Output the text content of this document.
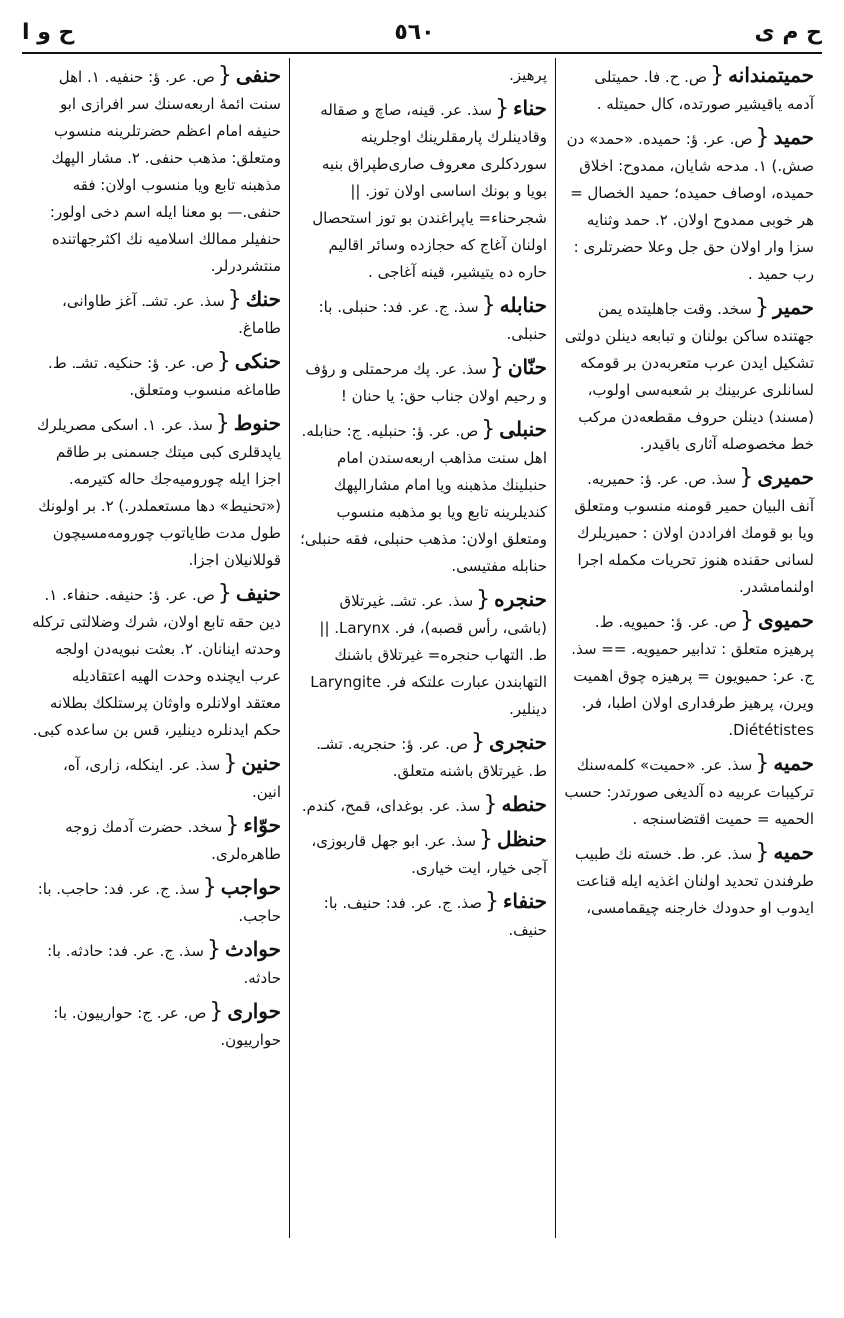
ح م ی
٥٦٠
ح و ا

حميتمندانه{ص. ح. فا. حميتلی آدمه یاقیشیر صورتده، کال حميتله .

حميد{ص. عر. ؤ: حميده. «حمد» دن صش.) ۱. مدحه شايان، ممدوح: اخلاق حميده، اوصاف حميده؛ حميد الخصال = هر خوبی ممدوح اولان. ۲. حمد وثنايه سزا وار اولان حق جل وعلا حضرتلری : رب حميد .

حمير{سخد. وقت جاهليتده يمن جهتنده ساكن بولنان و تبابعه دينلن دولتی تشكيل ايدن عرب متعربه‌دن بر قومكه لسانلری عربينك بر شعبه‌سی اولوب، (مسند) دينلن حروف مقطعه‌دن مركب خط مخصوصله آثاری باقيدر.

حميری{سذ. ص. عر. ؤ: حميريه. آنف البيان حمير قومنه منسوب ومتعلق ويا بو قومك افراددن اولان : حميريلرك لسانی حقنده هنوز تحريات مكمله اجرا اولنمامشدر.

حميوی{ص. عر. ؤ: حميويه. ط. پرهيزه متعلق : تدابير حميويه. == سذ. ج. عر: حميويون = پرهيزه چوق اهميت ويرن، پرهيز طرفداری اولان اطبا، فر. Diététistes.

حميه{سذ. عر. «حميت» كلمه‌سنك تركيبات عربيه ده آلديغی صورتدر: حسب الحميه = حميت اقتضاسنجه .

حميه{سذ. عر. ط. خسته نك طبيب طرفندن تحديد اولنان اغذيه ايله قناعت ايدوب او حدودك خارجنه چيقمامسی،

پرهيز.

حناء{سذ. عر. قينه، صاچ و صقاله وقادينلرك پارمقلرينك اوجلرينه سوردكلری معروف صاری‌طپراق بنيه بويا و بونك اساسی اولان توز. || شجرحناء= ياپراغندن بو توز استحصال اولنان آغاج كه حجازده وسائر اقاليم حاره ده يتيشير، قينه آغاجی .

حنابله{سذ. ج. عر. فد: حنبلی. با: حنبلی.

حنّان{سذ. عر. پك مرحمتلی و رؤف و رحيم اولان جناب حق: يا حنان !

حنبلی{ص. عر. ؤ: حنبليه. ج: حنابله. اهل سنت مذاهب اربعه‌سندن امام حنبلينك مذهبنه ويا امام مشارالپهك كنديلرينه تابع ويا بو مذهبه منسوب ومتعلق اولان: مذهب حنبلی، فقه حنبلی؛ حنابله مفتيسی.

حنجره{سذ. عر. تشـ. غيرتلاق (باشی، رأس قصبه)، فر. Larynx. || ط. التهاب حنجره= غيرتلاق باشنك التهابندن عبارت علتكه فر. Laryngite دينلير.

حنجری{ص. عر. ؤ: حنجريه. تشـ. ط. غيرتلاق باشنه متعلق.

حنطه{سذ. عر. بوغدای، قمح، كندم.

حنظل{سذ. عر. ابو جهل قاربوزی، آجی خيار، ايت خياری.

حنفاء{صذ. ج. عر. فد: حنيف. با: حنيف.

حنفی{ص. عر. ؤ: حنفيه. ۱. اهل سنت ائمهٔ اربعه‌سنك سر افرازی ابو حنيفه امام اعظم حضرتلرينه منسوب ومتعلق: مذهب حنفی. ۲. مشار الپهك مذهبنه تابع ويا منسوب اولان: فقه حنفی.— بو معنا ايله اسم دخی اولور: حنفيلر ممالك اسلاميه نك اكثرجهاتنده منتشردرلر.

حنك{سذ. عر. تشـ. آغز طاوانی، طاماغ.

حنكی{ص. عر. ؤ: حنكيه. تشـ. ط. طاماغه منسوب ومتعلق.

حنوط{سذ. عر. ۱. اسكی مصريلرك ياپدقلری كبی ميتك جسمنی بر طاقم اجزا ايله چوروميه‌جك حاله كتيرمه. («تحنيط» دها مستعملدر.) ۲. بر اولونك طول مدت طاياتوب چورومه‌مسيچون قوللانيلان اجزا.

حنيف{ص. عر. ؤ: حنيفه. حنفاء. ۱. دين حقه تابع اولان، شرك وضلالتی تركله وحدته اينانان. ۲. بعثت نبويه‌دن اولجه عرب ايچنده وحدت الهيه اعتقاديله معتقد اولانلره واوثان پرستلكك بطلانه حكم ايدنلره دينلير، قس بن ساعده كبی.

حنين{سذ. عر. اينكله، زاری، آه، انين.

حوّاء{سخد. حضرت آدمك زوجه طاهره‌لری.

حواجب{سذ. ج. عر. فد: حاجب. با: حاجب.

حوادث{سذ. ج. عر. فد: حادثه. با: حادثه.

حواری{ص. عر. ج: حوارييون. با: حوارييون.
